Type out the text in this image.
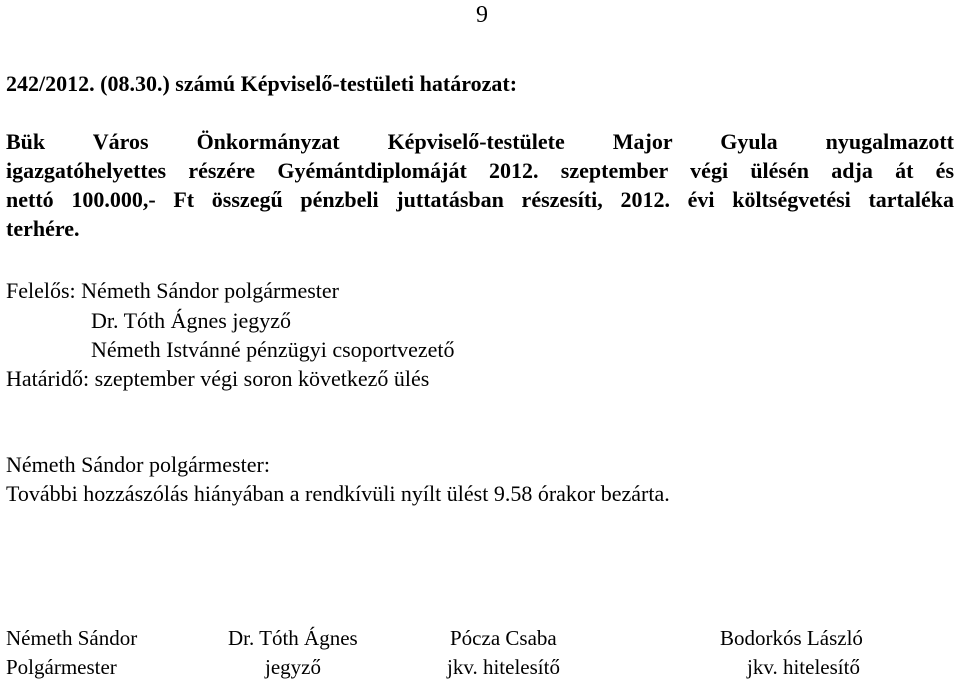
9
242/2012. (08.30.) számú Képviselő-testületi határozat:
Bük Város Önkormányzat Képviselő-testülete Major Gyula nyugalmazott
igazgatóhelyettes részére Gyémántdiplomáját 2012. szeptember végi ülésén adja át és
nettó 100.000,- Ft összegű pénzbeli juttatásban részesíti, 2012. évi költségvetési tartaléka
terhére.
Felelős: Németh Sándor polgármester
Dr. Tóth Ágnes jegyző
Németh Istvánné pénzügyi csoportvezető
Határidő: szeptember végi soron következő ülés
Németh Sándor polgármester:
További hozzászólás hiányában a rendkívüli nyílt ülést 9.58 órakor bezárta.
Németh Sándor
Polgármester
Dr. Tóth Ágnes
jegyző
Pócza Csaba
jkv. hitelesítő
Bodorkós László
jkv. hitelesítő
